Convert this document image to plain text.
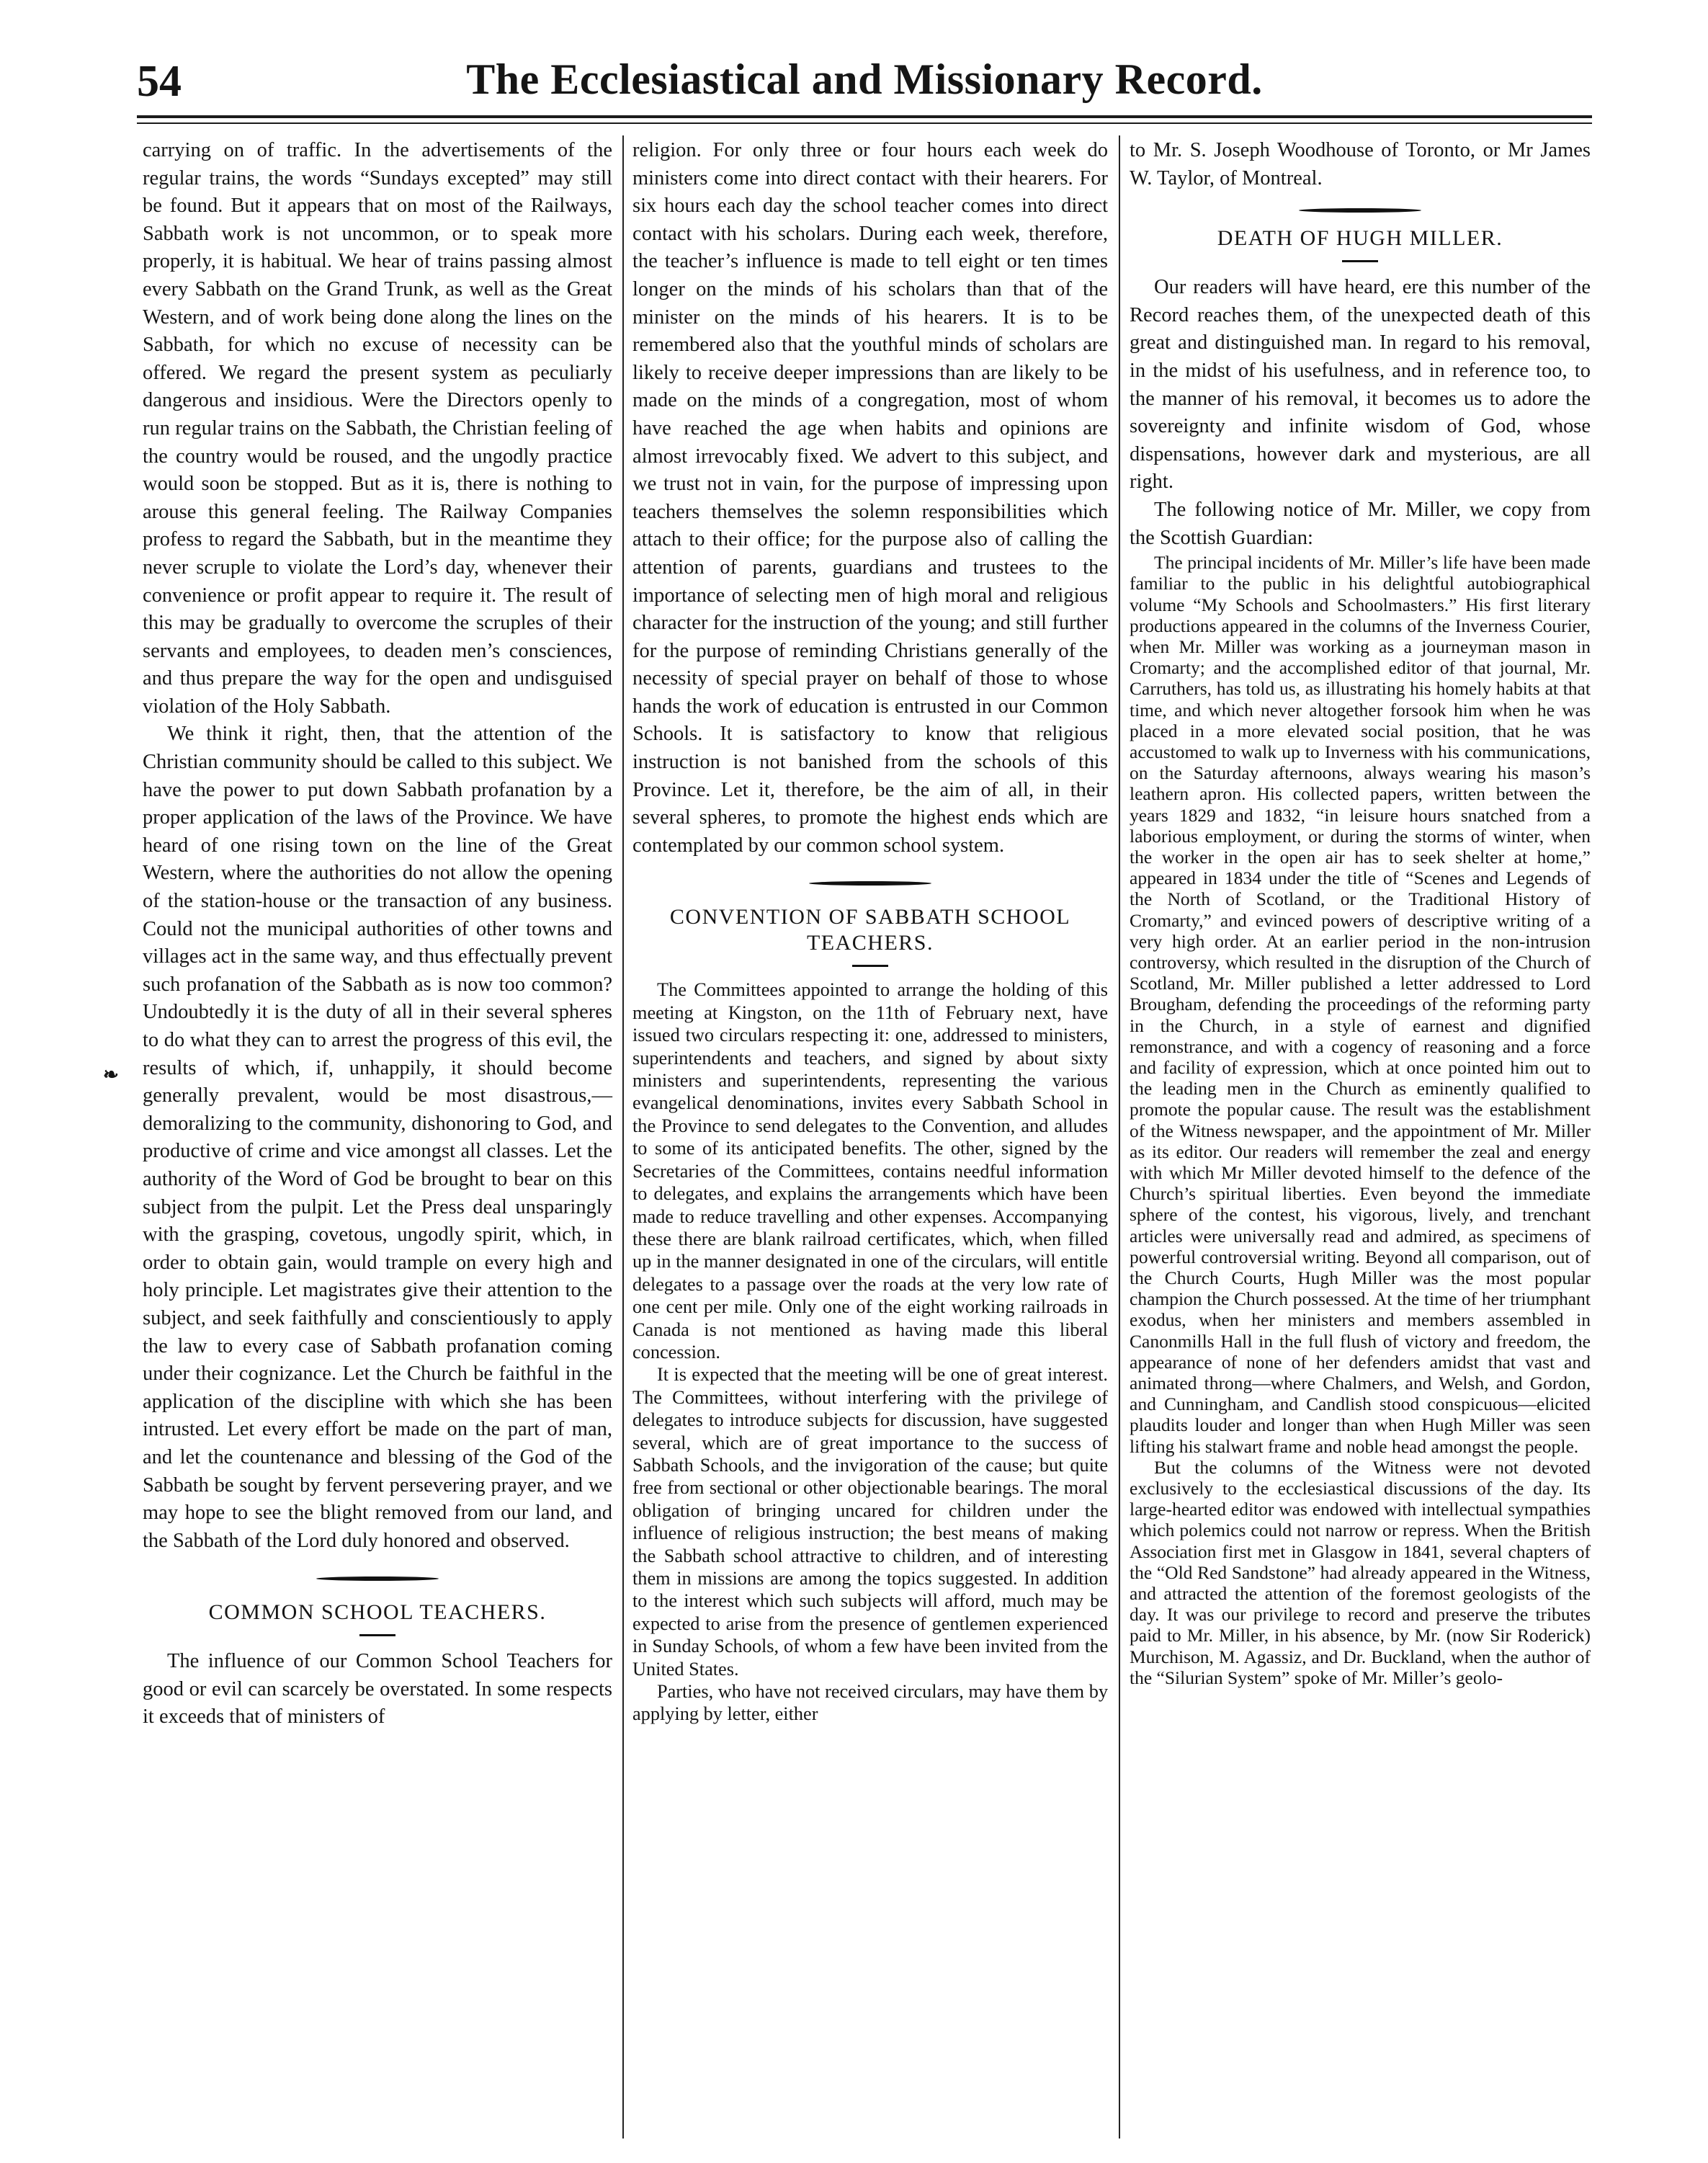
54	The Ecclesiastical and Missionary Record.
❧

carrying on of traffic. In the advertisements of the regular trains, the words “Sundays excepted” may still be found. But it appears that on most of the Railways, Sabbath work is not uncommon, or to speak more properly, it is habitual. We hear of trains passing almost every Sabbath on the Grand Trunk, as well as the Great Western, and of work being done along the lines on the Sabbath, for which no excuse of necessity can be offered. We regard the present system as peculiarly dangerous and insidious. Were the Directors openly to run regular trains on the Sabbath, the Christian feeling of the country would be roused, and the ungodly practice would soon be stopped. But as it is, there is nothing to arouse this general feeling. The Railway Companies profess to regard the Sabbath, but in the meantime they never scruple to violate the Lord’s day, whenever their convenience or profit appear to require it. The result of this may be gradually to overcome the scruples of their servants and employees, to deaden men’s consciences, and thus prepare the way for the open and undisguised violation of the Holy Sabbath.

We think it right, then, that the attention of the Christian community should be called to this subject. We have the power to put down Sabbath profanation by a proper application of the laws of the Province. We have heard of one rising town on the line of the Great Western, where the authorities do not allow the opening of the station-house or the transaction of any business. Could not the municipal authorities of other towns and villages act in the same way, and thus effectually prevent such profanation of the Sabbath as is now too common? Undoubtedly it is the duty of all in their several spheres to do what they can to arrest the progress of this evil, the results of which, if, unhappily, it should become generally prevalent, would be most disastrous,—demoralizing to the community, dishonoring to God, and productive of crime and vice amongst all classes. Let the authority of the Word of God be brought to bear on this subject from the pulpit. Let the Press deal unsparingly with the grasping, covetous, ungodly spirit, which, in order to obtain gain, would trample on every high and holy principle. Let magistrates give their attention to the subject, and seek faithfully and conscientiously to apply the law to every case of Sabbath profanation coming under their cognizance. Let the Church be faithful in the application of the discipline with which she has been intrusted. Let every effort be made on the part of man, and let the countenance and blessing of the God of the Sabbath be sought by fervent persevering prayer, and we may hope to see the blight removed from our land, and the Sabbath of the Lord duly honored and observed.

COMMON SCHOOL TEACHERS.

The influence of our Common School Teachers for good or evil can scarcely be overstated. In some respects it exceeds that of ministers of

religion. For only three or four hours each week do ministers come into direct contact with their hearers. For six hours each day the school teacher comes into direct contact with his scholars. During each week, therefore, the teacher’s influence is made to tell eight or ten times longer on the minds of his scholars than that of the minister on the minds of his hearers. It is to be remembered also that the youthful minds of scholars are likely to receive deeper impressions than are likely to be made on the minds of a congregation, most of whom have reached the age when habits and opinions are almost irrevocably fixed. We advert to this subject, and we trust not in vain, for the purpose of impressing upon teachers themselves the solemn responsibilities which attach to their office; for the purpose also of calling the attention of parents, guardians and trustees to the importance of selecting men of high moral and religious character for the instruction of the young; and still further for the purpose of reminding Christians generally of the necessity of special prayer on behalf of those to whose hands the work of education is entrusted in our Common Schools. It is satisfactory to know that religious instruction is not banished from the schools of this Province. Let it, therefore, be the aim of all, in their several spheres, to promote the highest ends which are contemplated by our common school system.

CONVENTION OF SABBATH SCHOOL TEACHERS.

The Committees appointed to arrange the holding of this meeting at Kingston, on the 11th of February next, have issued two circulars respecting it: one, addressed to ministers, superintendents and teachers, and signed by about sixty ministers and superintendents, representing the various evangelical denominations, invites every Sabbath School in the Province to send delegates to the Convention, and alludes to some of its anticipated benefits. The other, signed by the Secretaries of the Committees, contains needful information to delegates, and explains the arrangements which have been made to reduce travelling and other expenses. Accompanying these there are blank railroad certificates, which, when filled up in the manner designated in one of the circulars, will entitle delegates to a passage over the roads at the very low rate of one cent per mile. Only one of the eight working railroads in Canada is not mentioned as having made this liberal concession.

It is expected that the meeting will be one of great interest. The Committees, without interfering with the privilege of delegates to introduce subjects for discussion, have suggested several, which are of great importance to the success of Sabbath Schools, and the invigoration of the cause; but quite free from sectional or other objectionable bearings. The moral obligation of bringing uncared for children under the influence of religious instruction; the best means of making the Sabbath school attractive to children, and of interesting them in missions are among the topics suggested. In addition to the interest which such subjects will afford, much may be expected to arise from the presence of gentlemen experienced in Sunday Schools, of whom a few have been invited from the United States.

Parties, who have not received circulars, may have them by applying by letter, either

to Mr. S. Joseph Woodhouse of Toronto, or Mr James W. Taylor, of Montreal.

DEATH OF HUGH MILLER.

Our readers will have heard, ere this number of the Record reaches them, of the unexpected death of this great and distinguished man. In regard to his removal, in the midst of his usefulness, and in reference too, to the manner of his removal, it becomes us to adore the sovereignty and infinite wisdom of God, whose dispensations, however dark and mysterious, are all right.

The following notice of Mr. Miller, we copy from the Scottish Guardian:

The principal incidents of Mr. Miller’s life have been made familiar to the public in his delightful autobiographical volume “My Schools and Schoolmasters.” His first literary productions appeared in the columns of the Inverness Courier, when Mr. Miller was working as a journeyman mason in Cromarty; and the accomplished editor of that journal, Mr. Carruthers, has told us, as illustrating his homely habits at that time, and which never altogether forsook him when he was placed in a more elevated social position, that he was accustomed to walk up to Inverness with his communications, on the Saturday afternoons, always wearing his mason’s leathern apron. His collected papers, written between the years 1829 and 1832, “in leisure hours snatched from a laborious employment, or during the storms of winter, when the worker in the open air has to seek shelter at home,” appeared in 1834 under the title of “Scenes and Legends of the North of Scotland, or the Traditional History of Cromarty,” and evinced powers of descriptive writing of a very high order. At an earlier period in the non-intrusion controversy, which resulted in the disruption of the Church of Scotland, Mr. Miller published a letter addressed to Lord Brougham, defending the proceedings of the reforming party in the Church, in a style of earnest and dignified remonstrance, and with a cogency of reasoning and a force and facility of expression, which at once pointed him out to the leading men in the Church as eminently qualified to promote the popular cause. The result was the establishment of the Witness newspaper, and the appointment of Mr. Miller as its editor. Our readers will remember the zeal and energy with which Mr Miller devoted himself to the defence of the Church’s spiritual liberties. Even beyond the immediate sphere of the contest, his vigorous, lively, and trenchant articles were universally read and admired, as specimens of powerful controversial writing. Beyond all comparison, out of the Church Courts, Hugh Miller was the most popular champion the Church possessed. At the time of her triumphant exodus, when her ministers and members assembled in Canonmills Hall in the full flush of victory and freedom, the appearance of none of her defenders amidst that vast and animated throng—where Chalmers, and Welsh, and Gordon, and Cunningham, and Candlish stood conspicuous—elicited plaudits louder and longer than when Hugh Miller was seen lifting his stalwart frame and noble head amongst the people.

But the columns of the Witness were not devoted exclusively to the ecclesiastical discussions of the day. Its large-hearted editor was endowed with intellectual sympathies which polemics could not narrow or repress. When the British Association first met in Glasgow in 1841, several chapters of the “Old Red Sandstone” had already appeared in the Witness, and attracted the attention of the foremost geologists of the day. It was our privilege to record and preserve the tributes paid to Mr. Miller, in his absence, by Mr. (now Sir Roderick) Murchison, M. Agassiz, and Dr. Buckland, when the author of the “Silurian System” spoke of Mr. Miller’s geolo-
